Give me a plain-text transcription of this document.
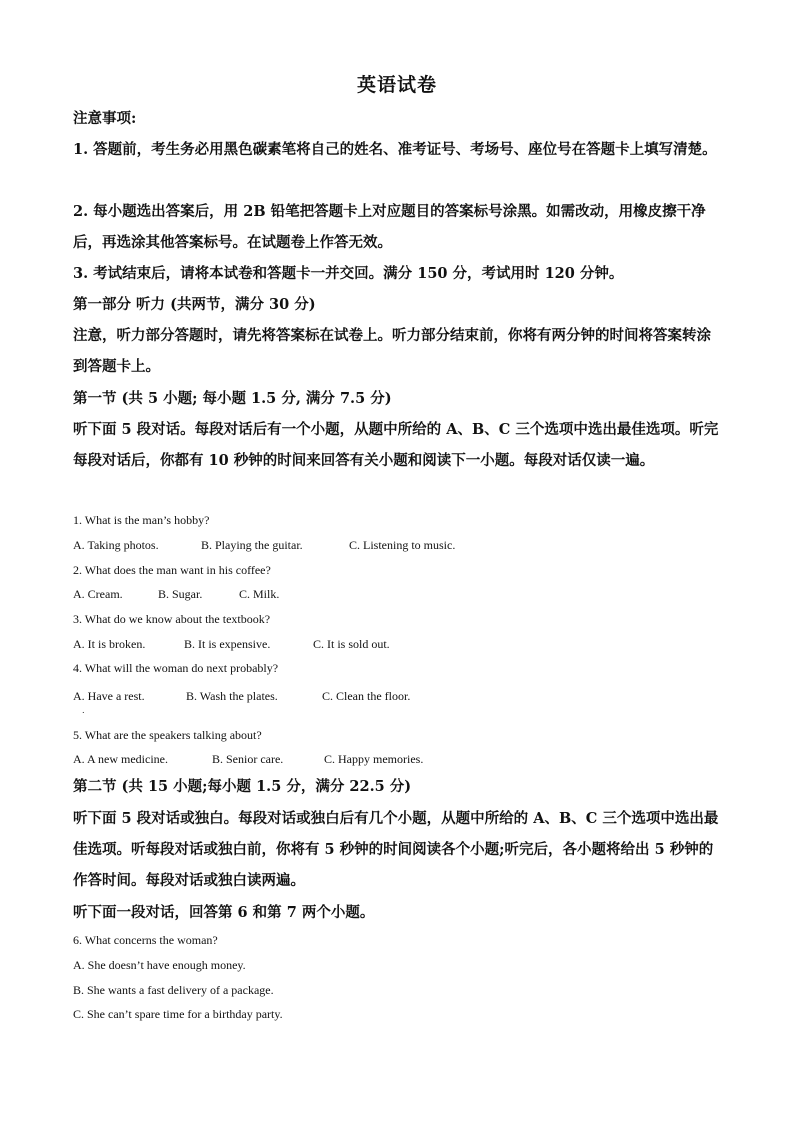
英语试卷

注意事项:

1. 答题前，考生务必用黑色碳素笔将自己的姓名、准考证号、考场号、座位号在答题卡上填写清楚。

2. 每小题选出答案后，用 2B 铅笔把答题卡上对应题目的答案标号涂黑。如需改动，用橡皮擦干净后，再选涂其他答案标号。在试题卷上作答无效。

3. 考试结束后，请将本试卷和答题卡一并交回。满分 150 分，考试用时 120 分钟。

第一部分 听力 (共两节，满分 30 分)

注意，听力部分答题时，请先将答案标在试卷上。听力部分结束前，你将有两分钟的时间将答案转涂到答题卡上。

第一节 (共 5 小题; 每小题 1.5 分, 满分 7.5 分)

听下面 5 段对话。每段对话后有一个小题，从题中所给的 A、B、C 三个选项中选出最佳选项。听完每段对话后，你都有 10 秒钟的时间来回答有关小题和阅读下一小题。每段对话仅读一遍。

1. What is the man’s hobby?

A. Taking photos.	B. Playing the guitar.	C. Listening to music.

2. What does the man want in his coffee?

A. Cream.	B. Sugar.	C. Milk.

3. What do we know about the textbook?

A. It is broken.	B. It is expensive.	C. It is sold out.

4. What will the woman do next probably?

A. Have a rest.	B. Wash the plates.	C. Clean the floor.

.

5. What are the speakers talking about?

A. A new medicine.	B. Senior care.	C. Happy memories.

第二节 (共 15 小题;每小题 1.5 分，满分 22.5 分)

听下面 5 段对话或独白。每段对话或独白后有几个小题，从题中所给的 A、B、C 三个选项中选出最佳选项。听每段对话或独白前，你将有 5 秒钟的时间阅读各个小题;听完后，各小题将给出 5 秒钟的作答时间。每段对话或独白读两遍。

听下面一段对话，回答第 6 和第 7 两个小题。

6. What concerns the woman?

A. She doesn’t have enough money.

B. She wants a fast delivery of a package.

C. She can’t spare time for a birthday party.
